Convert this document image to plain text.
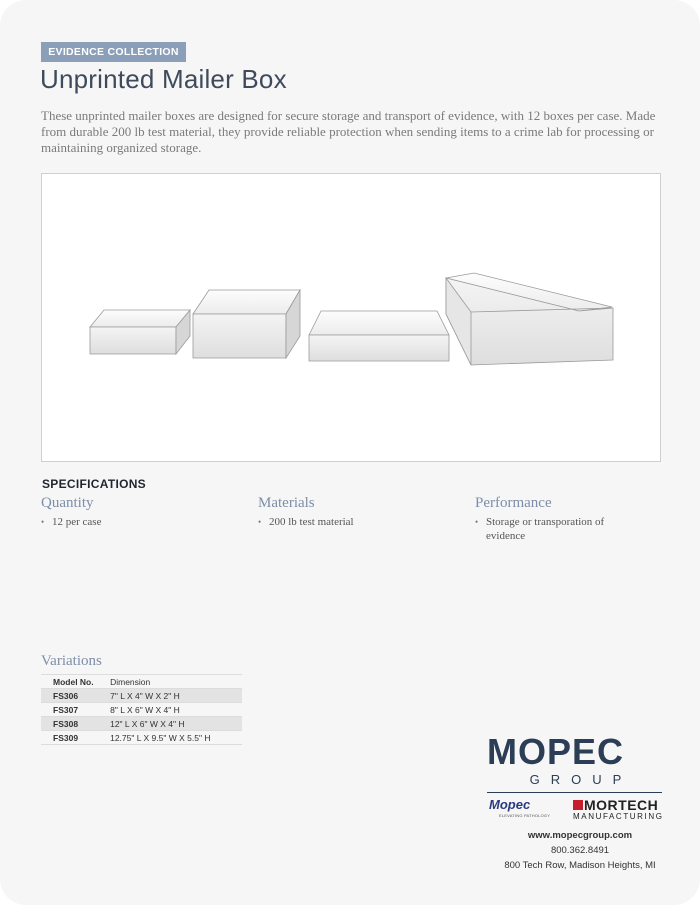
EVIDENCE COLLECTION
Unprinted Mailer Box

These unprinted mailer boxes are designed for secure storage and transport of evidence, with 12 boxes per case. Made from durable 200 lb test material, they provide reliable protection when sending items to a crime lab for processing or maintaining organized storage.

SPECIFICATIONS
Quantity
• 12 per case
Materials
• 200 lb test material
Performance
• Storage or transporation of evidence
Variations
Model No.	Dimension
FS306	7" L X 4" W X 2" H
FS307	8" L X 6" W X 4" H
FS308	12" L X 6" W X 4" H
FS309	12.75" L X 9.5" W X 5.5" H	MOPEC
GROUP
Mopec
ELEVATING PATHOLOGY
MORTECH
MANUFACTURING
www.mopecgroup.com
800.362.8491
800 Tech Row, Madison Heights, MI
